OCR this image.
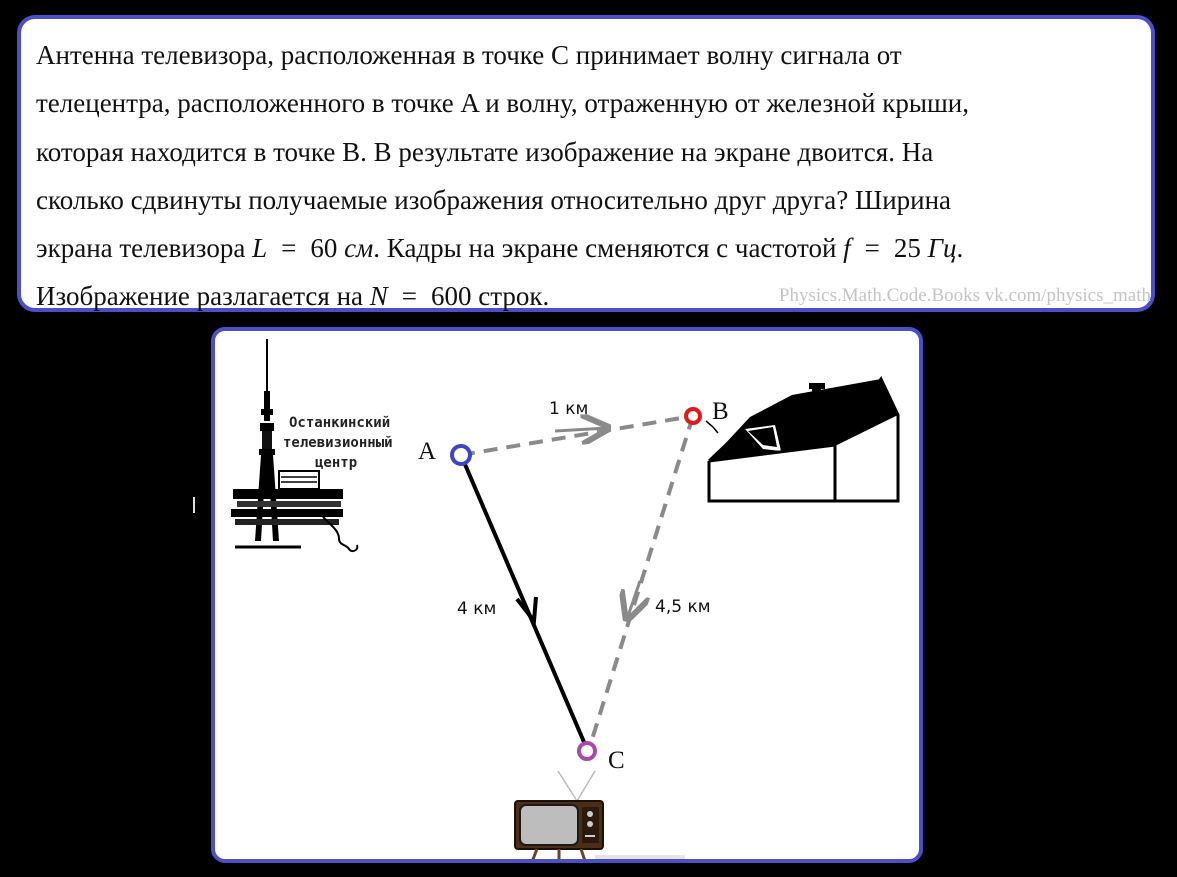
Антенна телевизора, расположенная в точке C принимает волну сигнала от
телецентра, расположенного в точке A и волну, отраженную от железной крыши,
которая находится в точке B. В результате изображение на экране двоится. На
сколько сдвинуты получаемые изображения относительно друг друга? Ширина
экрана телевизора L = 60 см. Кадры на экране сменяются с частотой f = 25 Гц.
Изображение разлагается на N = 600 строк.	Physics.Math.Code.Books vk.com/physics_math
Останкинский
телевизионный
центр A
B
C
1 км
4 км	4,5 км
